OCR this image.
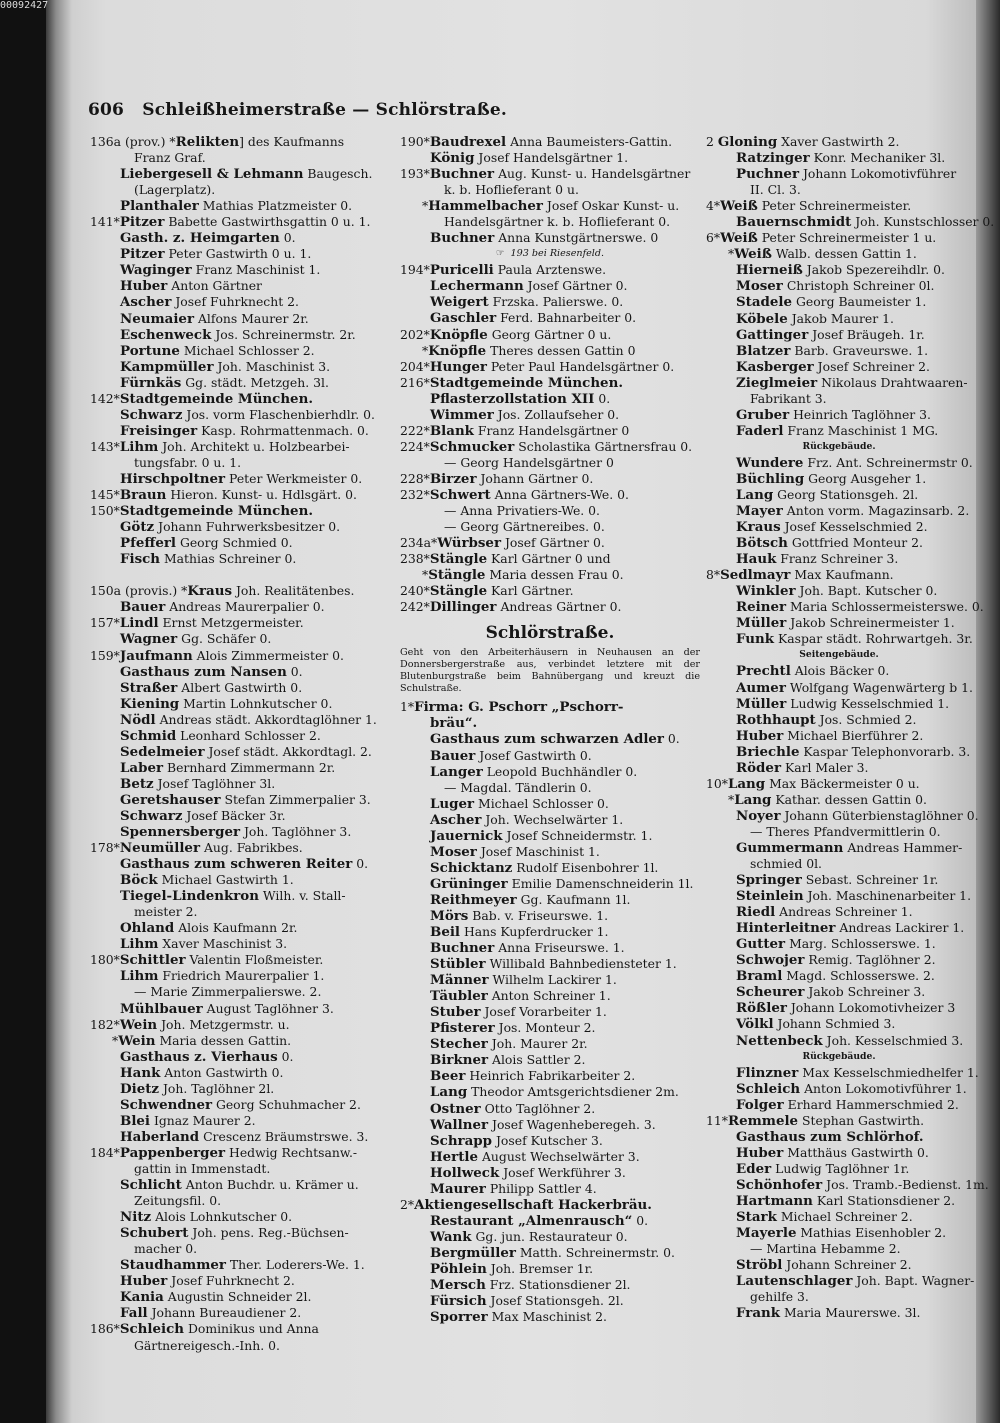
00092427
606 Schleißheimerstraße — Schlörstraße.
136a (prov.) *Relikten] des Kaufmanns
Franz Graf.
Liebergesell & Lehmann Baugesch.
(Lagerplatz).
Planthaler Mathias Platzmeister 0.
141*Pitzer Babette Gastwirthsgattin 0 u. 1.
Gasth. z. Heimgarten 0.
Pitzer Peter Gastwirth 0 u. 1.
Waginger Franz Maschinist 1.
Huber Anton Gärtner
Ascher Josef Fuhrknecht 2.
Neumaier Alfons Maurer 2r.
Eschenweck Jos. Schreinermstr. 2r.
Portune Michael Schlosser 2.
Kampmüller Joh. Maschinist 3.
Fürnkäs Gg. städt. Metzgeh. 3l.
142*Stadtgemeinde München.
Schwarz Jos. vorm Flaschenbierhdlr. 0.
Freisinger Kasp. Rohrmattenmach. 0.
143*Lihm Joh. Architekt u. Holzbearbei-
tungsfabr. 0 u. 1.
Hirschpoltner Peter Werkmeister 0.
145*Braun Hieron. Kunst- u. Hdlsgärt. 0.
150*Stadtgemeinde München.
Götz Johann Fuhrwerksbesitzer 0.
Pfefferl Georg Schmied 0.
Fisch Mathias Schreiner 0.
150a (provis.) *Kraus Joh. Realitätenbes.
Bauer Andreas Maurerpalier 0.
157*Lindl Ernst Metzgermeister.
Wagner Gg. Schäfer 0.
159*Jaufmann Alois Zimmermeister 0.
Gasthaus zum Nansen 0.
Straßer Albert Gastwirth 0.
Kiening Martin Lohnkutscher 0.
Nödl Andreas städt. Akkordtaglöhner 1.
Schmid Leonhard Schlosser 2.
Sedelmeier Josef städt. Akkordtagl. 2.
Laber Bernhard Zimmermann 2r.
Betz Josef Taglöhner 3l.
Geretshauser Stefan Zimmerpalier 3.
Schwarz Josef Bäcker 3r.
Spennersberger Joh. Taglöhner 3.
178*Neumüller Aug. Fabrikbes.
Gasthaus zum schweren Reiter 0.
Böck Michael Gastwirth 1.
Tiegel-Lindenkron Wilh. v. Stall-
meister 2.
Ohland Alois Kaufmann 2r.
Lihm Xaver Maschinist 3.
180*Schittler Valentin Floßmeister.
Lihm Friedrich Maurerpalier 1.
— Marie Zimmerpalierswe. 2.
Mühlbauer August Taglöhner 3.
182*Wein Joh. Metzgermstr. u.
*Wein Maria dessen Gattin.
Gasthaus z. Vierhaus 0.
Hank Anton Gastwirth 0.
Dietz Joh. Taglöhner 2l.
Schwendner Georg Schuhmacher 2.
Blei Ignaz Maurer 2.
Haberland Crescenz Bräumstrswe. 3.
184*Pappenberger Hedwig Rechtsanw.-
gattin in Immenstadt.
Schlicht Anton Buchdr. u. Krämer u.
Zeitungsfil. 0.
Nitz Alois Lohnkutscher 0.
Schubert Joh. pens. Reg.-Büchsen-
macher 0.
Staudhammer Ther. Loderers-We. 1.
Huber Josef Fuhrknecht 2.
Kania Augustin Schneider 2l.
Fall Johann Bureaudiener 2.
186*Schleich Dominikus und Anna
Gärtnereigesch.-Inh. 0.
190*Baudrexel Anna Baumeisters-Gattin.
König Josef Handelsgärtner 1.
193*Buchner Aug. Kunst- u. Handelsgärtner
k. b. Hoflieferant 0 u.
*Hammelbacher Josef Oskar Kunst- u.
Handelsgärtner k. b. Hoflieferant 0.
Buchner Anna Kunstgärtnerswe. 0
☞ 193 bei Riesenfeld.
194*Puricelli Paula Arztenswe.
Lechermann Josef Gärtner 0.
Weigert Frzska. Palierswe. 0.
Gaschler Ferd. Bahnarbeiter 0.
202*Knöpfle Georg Gärtner 0 u.
*Knöpfle Theres dessen Gattin 0
204*Hunger Peter Paul Handelsgärtner 0.
216*Stadtgemeinde München.
Pflasterzollstation XII 0.
Wimmer Jos. Zollaufseher 0.
222*Blank Franz Handelsgärtner 0
224*Schmucker Scholastika Gärtnersfrau 0.
— Georg Handelsgärtner 0
228*Birzer Johann Gärtner 0.
232*Schwert Anna Gärtners-We. 0.
— Anna Privatiers-We. 0.
— Georg Gärtnereibes. 0.
234a*Würbser Josef Gärtner 0.
238*Stängle Karl Gärtner 0 und
*Stängle Maria dessen Frau 0.
240*Stängle Karl Gärtner.
242*Dillinger Andreas Gärtner 0.
Schlörstraße.
Geht von den Arbeiterhäusern in Neuhausen an der Donnersbergerstraße aus, verbindet letztere mit der Blutenburgstraße beim Bahnübergang und kreuzt die Schulstraße.
1*Firma: G. Pschorr „Pschorr-
bräu“.
Gasthaus zum schwarzen Adler 0.
Bauer Josef Gastwirth 0.
Langer Leopold Buchhändler 0.
— Magdal. Tändlerin 0.
Luger Michael Schlosser 0.
Ascher Joh. Wechselwärter 1.
Jauernick Josef Schneidermstr. 1.
Moser Josef Maschinist 1.
Schicktanz Rudolf Eisenbohrer 1l.
Grüninger Emilie Damenschneiderin 1l.
Reithmeyer Gg. Kaufmann 1l.
Mörs Bab. v. Friseurswe. 1.
Beil Hans Kupferdrucker 1.
Buchner Anna Friseurswe. 1.
Stübler Willibald Bahnbediensteter 1.
Männer Wilhelm Lackirer 1.
Täubler Anton Schreiner 1.
Stuber Josef Vorarbeiter 1.
Pfisterer Jos. Monteur 2.
Stecher Joh. Maurer 2r.
Birkner Alois Sattler 2.
Beer Heinrich Fabrikarbeiter 2.
Lang Theodor Amtsgerichtsdiener 2m.
Ostner Otto Taglöhner 2.
Wallner Josef Wagenheberegeh. 3.
Schrapp Josef Kutscher 3.
Hertle August Wechselwärter 3.
Hollweck Josef Werkführer 3.
Maurer Philipp Sattler 4.
2*Aktiengesellschaft Hackerbräu.
Restaurant „Almenrausch“ 0.
Wank Gg. jun. Restaurateur 0.
Bergmüller Matth. Schreinermstr. 0.
Pöhlein Joh. Bremser 1r.
Mersch Frz. Stationsdiener 2l.
Fürsich Josef Stationsgeh. 2l.
Sporrer Max Maschinist 2.
2 Gloning Xaver Gastwirth 2.
Ratzinger Konr. Mechaniker 3l.
Puchner Johann Lokomotivführer
II. Cl. 3.
4*Weiß Peter Schreinermeister.
Bauernschmidt Joh. Kunstschlosser 0.
6*Weiß Peter Schreinermeister 1 u.
*Weiß Walb. dessen Gattin 1.
Hierneiß Jakob Spezereihdlr. 0.
Moser Christoph Schreiner 0l.
Stadele Georg Baumeister 1.
Köbele Jakob Maurer 1.
Gattinger Josef Bräugeh. 1r.
Blatzer Barb. Graveurswe. 1.
Kasberger Josef Schreiner 2.
Zieglmeier Nikolaus Drahtwaaren-
Fabrikant 3.
Gruber Heinrich Taglöhner 3.
Faderl Franz Maschinist 1 MG.
Rückgebäude.
Wundere Frz. Ant. Schreinermstr 0.
Büchling Georg Ausgeher 1.
Lang Georg Stationsgeh. 2l.
Mayer Anton vorm. Magazinsarb. 2.
Kraus Josef Kesselschmied 2.
Bötsch Gottfried Monteur 2.
Hauk Franz Schreiner 3.
8*Sedlmayr Max Kaufmann.
Winkler Joh. Bapt. Kutscher 0.
Reiner Maria Schlossermeisterswe. 0.
Müller Jakob Schreinermeister 1.
Funk Kaspar städt. Rohrwartgeh. 3r.
Seitengebäude.
Prechtl Alois Bäcker 0.
Aumer Wolfgang Wagenwärterg b 1.
Müller Ludwig Kesselschmied 1.
Rothhaupt Jos. Schmied 2.
Huber Michael Bierführer 2.
Briechle Kaspar Telephonvorarb. 3.
Röder Karl Maler 3.
10*Lang Max Bäckermeister 0 u.
*Lang Kathar. dessen Gattin 0.
Noyer Johann Güterbienstaglöhner 0.
— Theres Pfandvermittlerin 0.
Gummermann Andreas Hammer-
schmied 0l.
Springer Sebast. Schreiner 1r.
Steinlein Joh. Maschinenarbeiter 1.
Riedl Andreas Schreiner 1.
Hinterleitner Andreas Lackirer 1.
Gutter Marg. Schlosserswe. 1.
Schwojer Remig. Taglöhner 2.
Braml Magd. Schlosserswe. 2.
Scheurer Jakob Schreiner 3.
Rößler Johann Lokomotivheizer 3
Völkl Johann Schmied 3.
Nettenbeck Joh. Kesselschmied 3.
Rückgebäude.
Flinzner Max Kesselschmiedhelfer 1.
Schleich Anton Lokomotivführer 1.
Folger Erhard Hammerschmied 2.
11*Remmele Stephan Gastwirth.
Gasthaus zum Schlörhof.
Huber Matthäus Gastwirth 0.
Eder Ludwig Taglöhner 1r.
Schönhofer Jos. Tramb.-Bedienst. 1m.
Hartmann Karl Stationsdiener 2.
Stark Michael Schreiner 2.
Mayerle Mathias Eisenhobler 2.
— Martina Hebamme 2.
Ströbl Johann Schreiner 2.
Lautenschlager Joh. Bapt. Wagner-
gehilfe 3.
Frank Maria Maurerswe. 3l.
